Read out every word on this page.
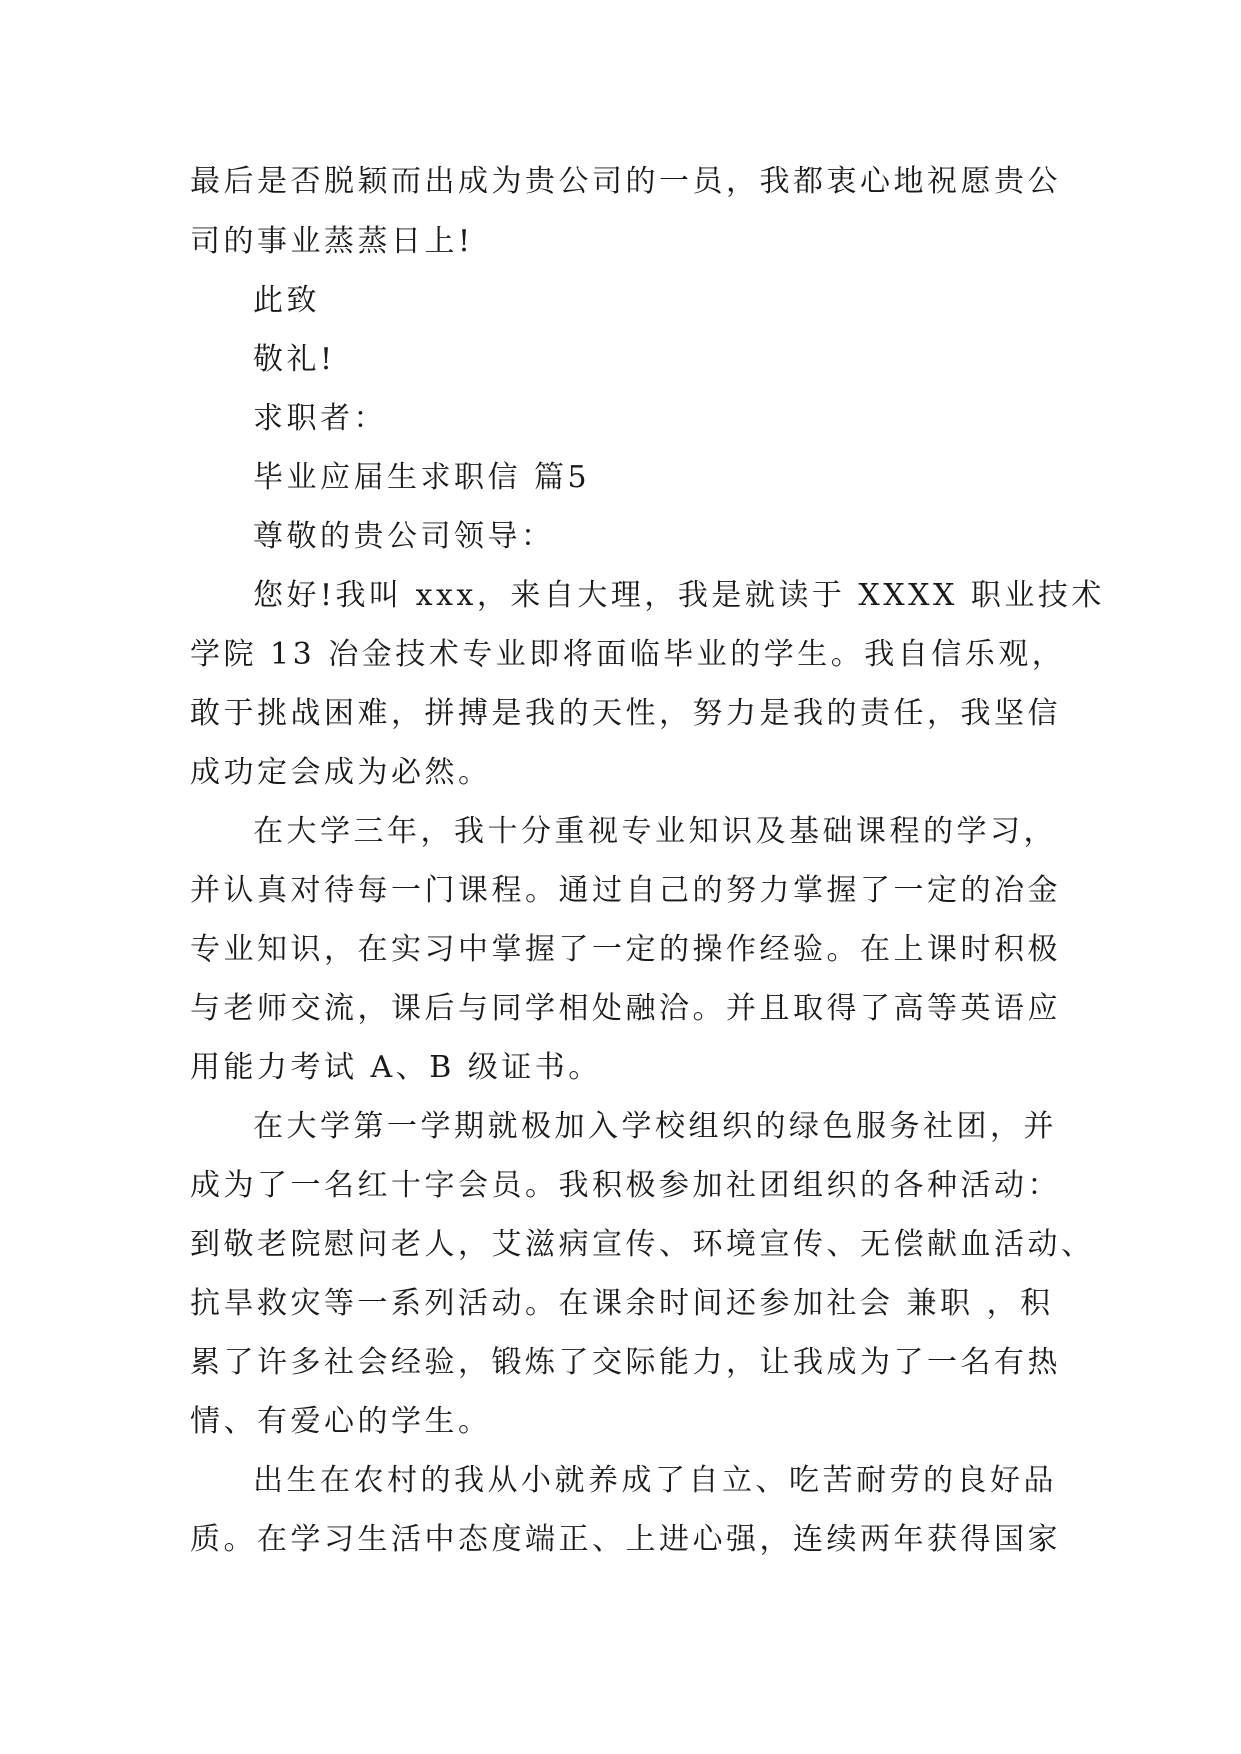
最后是否脱颖而出成为贵公司的一员，我都衷心地祝愿贵公
司的事业蒸蒸日上!
此致
敬礼!
求职者：
毕业应届生求职信 篇5
尊敬的贵公司领导：
您好!我叫 xxx，来自大理，我是就读于 XXXX 职业技术
学院 13 冶金技术专业即将面临毕业的学生。我自信乐观，
敢于挑战困难，拼搏是我的天性，努力是我的责任，我坚信
成功定会成为必然。
在大学三年，我十分重视专业知识及基础课程的学习，
并认真对待每一门课程。通过自己的努力掌握了一定的冶金
专业知识，在实习中掌握了一定的操作经验。在上课时积极
与老师交流，课后与同学相处融洽。并且取得了高等英语应
用能力考试 A、B 级证书。
在大学第一学期就极加入学校组织的绿色服务社团，并
成为了一名红十字会员。我积极参加社团组织的各种活动：
到敬老院慰问老人，艾滋病宣传、环境宣传、无偿献血活动、
抗旱救灾等一系列活动。在课余时间还参加社会 兼职 ，积
累了许多社会经验，锻炼了交际能力，让我成为了一名有热
情、有爱心的学生。
出生在农村的我从小就养成了自立、吃苦耐劳的良好品
质。在学习生活中态度端正、上进心强，连续两年获得国家
